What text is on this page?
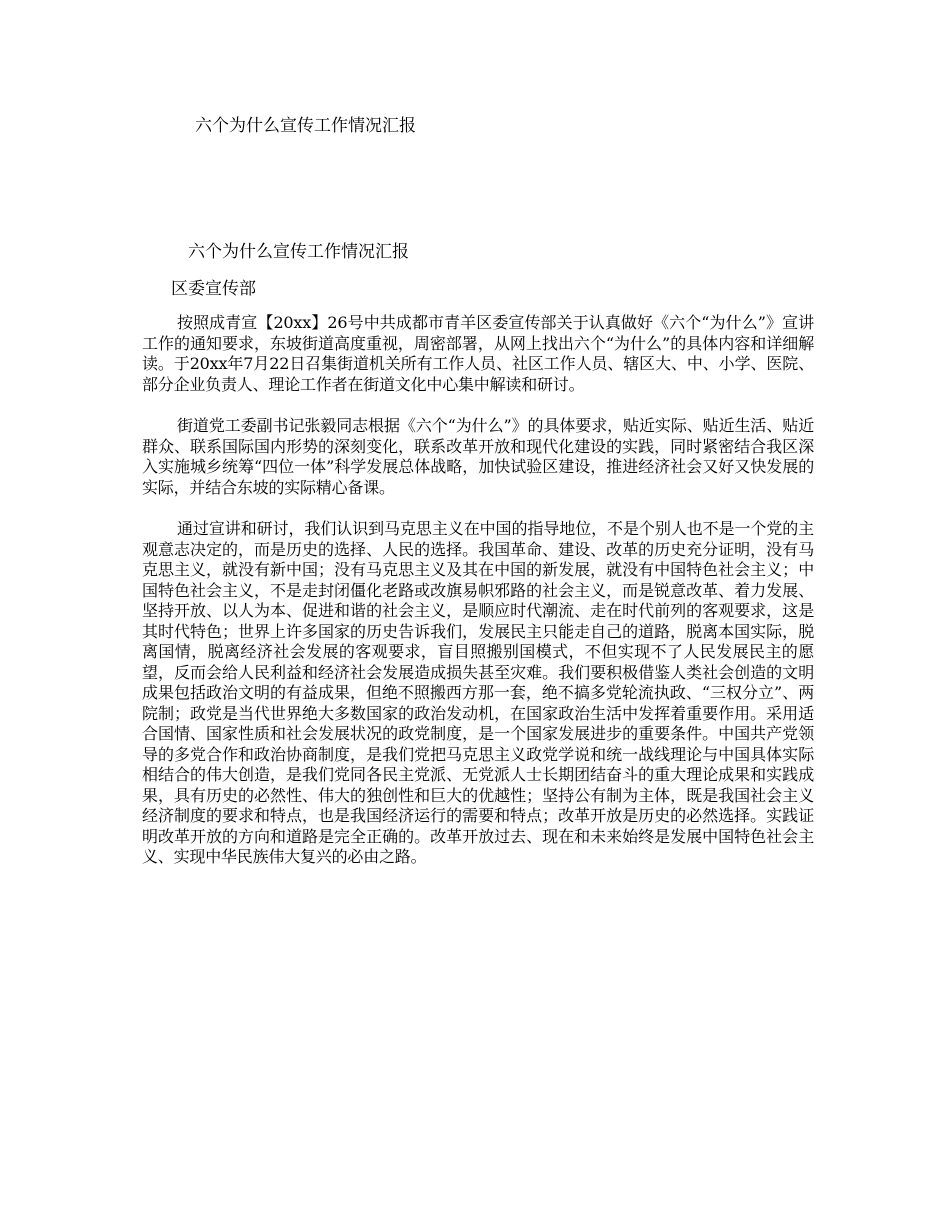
六个为什么宣传工作情况汇报
六个为什么宣传工作情况汇报
区委宣传部

按照成青宣【20xx】26号中共成都市青羊区委宣传部关于认真做好《六个“为什么”》宣讲工作的通知要求，东坡街道高度重视，周密部署，从网上找出六个“为什么”的具体内容和详细解读。于20xx年7月22日召集街道机关所有工作人员、社区工作人员、辖区大、中、小学、医院、部分企业负责人、理论工作者在街道文化中心集中解读和研讨。

街道党工委副书记张毅同志根据《六个“为什么”》的具体要求，贴近实际、贴近生活、贴近群众、联系国际国内形势的深刻变化，联系改革开放和现代化建设的实践，同时紧密结合我区深入实施城乡统筹“四位一体”科学发展总体战略，加快试验区建设，推进经济社会又好又快发展的实际，并结合东坡的实际精心备课。

通过宣讲和研讨，我们认识到马克思主义在中国的指导地位，不是个别人也不是一个党的主观意志决定的，而是历史的选择、人民的选择。我国革命、建设、改革的历史充分证明，没有马克思主义，就没有新中国；没有马克思主义及其在中国的新发展，就没有中国特色社会主义；中国特色社会主义，不是走封闭僵化老路或改旗易帜邪路的社会主义，而是锐意改革、着力发展、坚持开放、以人为本、促进和谐的社会主义，是顺应时代潮流、走在时代前列的客观要求，这是其时代特色；世界上许多国家的历史告诉我们，发展民主只能走自己的道路，脱离本国实际，脱离国情，脱离经济社会发展的客观要求，盲目照搬别国模式，不但实现不了人民发展民主的愿望，反而会给人民利益和经济社会发展造成损失甚至灾难。我们要积极借鉴人类社会创造的文明成果包括政治文明的有益成果，但绝不照搬西方那一套，绝不搞多党轮流执政、“三权分立”、两院制；政党是当代世界绝大多数国家的政治发动机，在国家政治生活中发挥着重要作用。采用适合国情、国家性质和社会发展状况的政党制度，是一个国家发展进步的重要条件。中国共产党领导的多党合作和政治协商制度，是我们党把马克思主义政党学说和统一战线理论与中国具体实际相结合的伟大创造，是我们党同各民主党派、无党派人士长期团结奋斗的重大理论成果和实践成果，具有历史的必然性、伟大的独创性和巨大的优越性；坚持公有制为主体，既是我国社会主义经济制度的要求和特点，也是我国经济运行的需要和特点；改革开放是历史的必然选择。实践证明改革开放的方向和道路是完全正确的。改革开放过去、现在和未来始终是发展中国特色社会主义、实现中华民族伟大复兴的必由之路。
